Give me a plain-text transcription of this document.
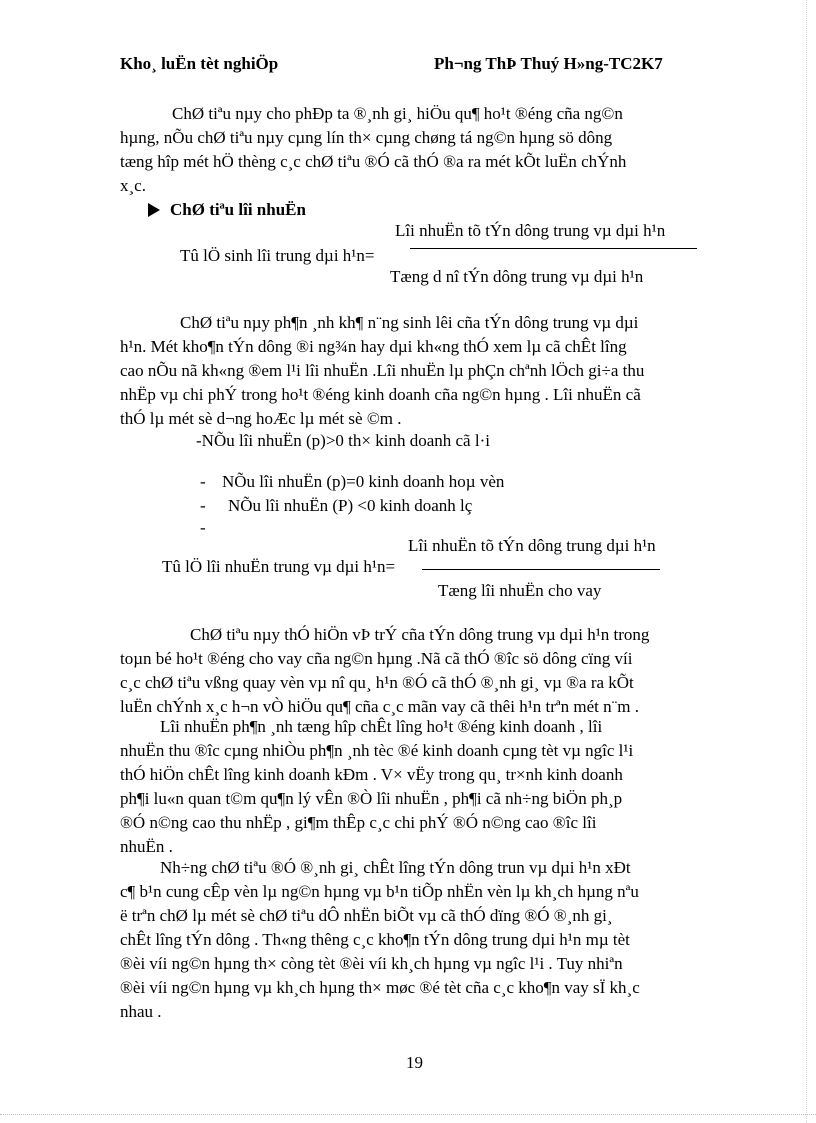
Kho¸ luËn tèt nghiÖp	Ph¬ng ThÞ Thuý H»ng-TC2K7
ChØ tiªu nµy cho phÐp ta ®¸nh gi¸ hiÖu qu¶ ho¹t ®éng cña ng©n
hµng, nÕu chØ tiªu nµy cµng lín th× cµng chøng tá ng©n hµng sö dông
tæng hîp mét hÖ thèng c¸c chØ tiªu ®Ó cã thÓ ®a ra mét kÕt luËn chÝnh
x¸c.
ChØ tiªu lîi nhuËn
Lîi nhuËn tõ tÝn dông trung vµ dµi h¹n
Tû lÖ sinh lîi trung dµi h¹n=
Tæng d nî tÝn dông trung vµ dµi h¹n
ChØ tiªu nµy ph¶n ¸nh kh¶ n¨ng sinh lêi cña tÝn dông trung vµ dµi
h¹n. Mét kho¶n tÝn dông ®i ng¾n hay dµi kh«ng thÓ xem lµ cã chÊt lîng
cao nÕu nã kh«ng ®em l¹i lîi nhuËn .Lîi nhuËn lµ phÇn chªnh lÖch gi÷a thu
nhËp vµ chi phÝ trong ho¹t ®éng kinh doanh cña ng©n hµng . Lîi nhuËn cã
thÓ lµ mét sè d¬ng hoÆc lµ mét sè ©m .
-NÕu lîi nhuËn (p)>0 th× kinh doanh cã l·i
- NÕu lîi nhuËn (p)=0 kinh doanh hoµ vèn
- NÕu lîi nhuËn (P) <0 kinh doanh lç
-
Lîi nhuËn tõ tÝn dông trung dµi h¹n
Tû lÖ lîi nhuËn trung vµ dµi h¹n=
Tæng lîi nhuËn cho vay
ChØ tiªu nµy thÓ hiÖn vÞ trÝ cña tÝn dông trung vµ dµi h¹n trong
toµn bé ho¹t ®éng cho vay cña ng©n hµng .Nã cã thÓ ®îc sö dông cïng víi
c¸c chØ tiªu vßng quay vèn vµ nî qu¸ h¹n ®Ó cã thÓ ®¸nh gi¸ vµ ®a ra kÕt
luËn chÝnh x¸c h¬n vÒ hiÖu qu¶ cña c¸c mãn vay cã thêi h¹n trªn mét n¨m .
Lîi nhuËn ph¶n ¸nh tæng hîp chÊt lîng ho¹t ®éng kinh doanh , lîi
nhuËn thu ®îc cµng nhiÒu ph¶n ¸nh tèc ®é kinh doanh cµng tèt vµ ngîc l¹i
thÓ hiÖn chÊt lîng kinh doanh kÐm . V× vËy trong qu¸ tr×nh kinh doanh
ph¶i lu«n quan t©m qu¶n lý vÊn ®Ò lîi nhuËn , ph¶i cã nh÷ng biÖn ph¸p
®Ó n©ng cao thu nhËp , gi¶m thÊp c¸c chi phÝ ®Ó n©ng cao ®îc lîi
nhuËn .
Nh÷ng chØ tiªu ®Ó ®¸nh gi¸ chÊt lîng tÝn dông trun vµ dµi h¹n xÐt
c¶ b¹n cung cÊp vèn lµ ng©n hµng vµ b¹n tiÕp nhËn vèn lµ kh¸ch hµng nªu
ë trªn chØ lµ mét sè chØ tiªu dÔ nhËn biÕt vµ cã thÓ dïng ®Ó ®¸nh gi¸
chÊt lîng tÝn dông . Th«ng thêng c¸c kho¶n tÝn dông trung dµi h¹n mµ tèt
®èi víi ng©n hµng th× còng tèt ®èi víi kh¸ch hµng vµ ngîc l¹i . Tuy nhiªn
®èi víi ng©n hµng vµ kh¸ch hµng th× møc ®é tèt cña c¸c kho¶n vay sÏ kh¸c
nhau .
19
